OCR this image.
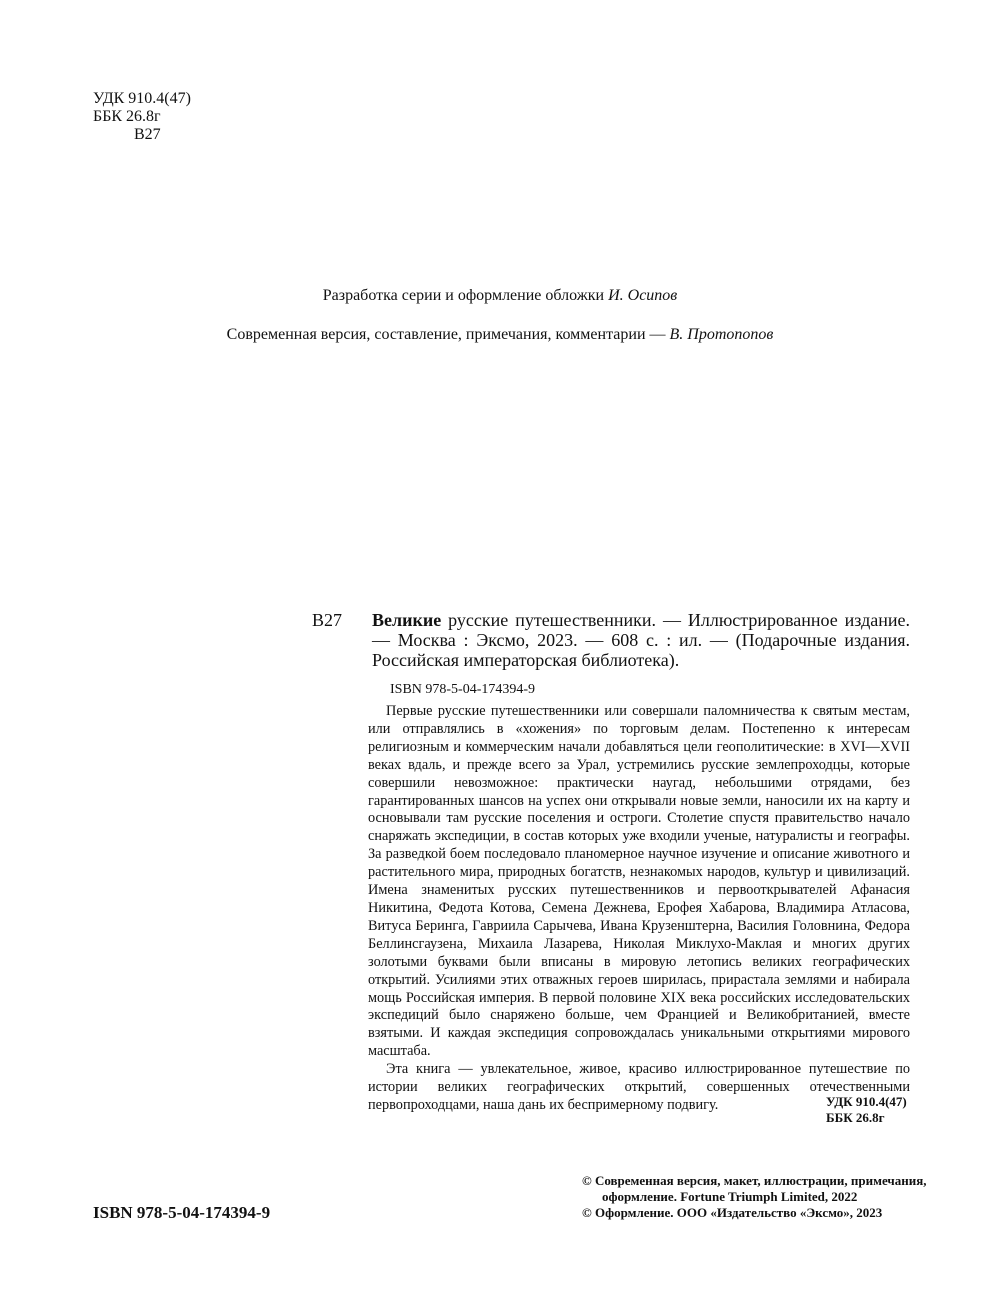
УДК 910.4(47)
ББК 26.8г
В27
Разработка серии и оформление обложки И. Осипов
Современная версия, составление, примечания, комментарии — В. Протопопов
В27 Великие русские путешественники. — Иллюстрированное издание. — Москва : Эксмо, 2023. — 608 с. : ил. — (Подарочные издания. Российская императорская библиотека).
ISBN 978-5-04-174394-9

Первые русские путешественники или совершали паломничества к святым местам, или отправлялись в «хожения» по торговым делам. Постепенно к интересам религиозным и коммерческим начали добавляться цели геополитические: в XVI—XVII веках вдаль, и прежде всего за Урал, устремились русские землепроходцы, которые совершили невозможное: практически наугад, небольшими отрядами, без гарантированных шансов на успех они открывали новые земли, наносили их на карту и основывали там русские поселения и остроги. Столетие спустя правительство начало снаряжать экспедиции, в состав которых уже входили ученые, натуралисты и географы. За разведкой боем последовало планомерное научное изучение и описание животного и растительного мира, природных богатств, незнакомых народов, культур и цивилизаций. Имена знаменитых русских путешественников и первооткрывателей Афанасия Никитина, Федота Котова, Семена Дежнева, Ерофея Хабарова, Владимира Атласова, Витуса Беринга, Гавриила Сарычева, Ивана Крузенштерна, Василия Головнина, Федора Беллинсгаузена, Михаила Лазарева, Николая Миклухо-Маклая и многих других золотыми буквами были вписаны в мировую летопись великих географических открытий. Усилиями этих отважных героев ширилась, прирастала землями и набирала мощь Российская империя. В первой половине XIX века российских исследовательских экспедиций было снаряжено больше, чем Францией и Великобританией, вместе взятыми. И каждая экспедиция сопровождалась уникальными открытиями мирового масштаба.

Эта книга — увлекательное, живое, красиво иллюстрированное путешествие по истории великих географических открытий, совершенных отечественными первопроходцами, наша дань их беспримерному подвигу.	УДК 910.4(47)
ББК 26.8г
ISBN 978-5-04-174394-9
© Современная версия, макет, иллюстрации, примечания,
оформление. Fortune Triumph Limited, 2022
© Оформление. ООО «Издательство «Эксмо», 2023
